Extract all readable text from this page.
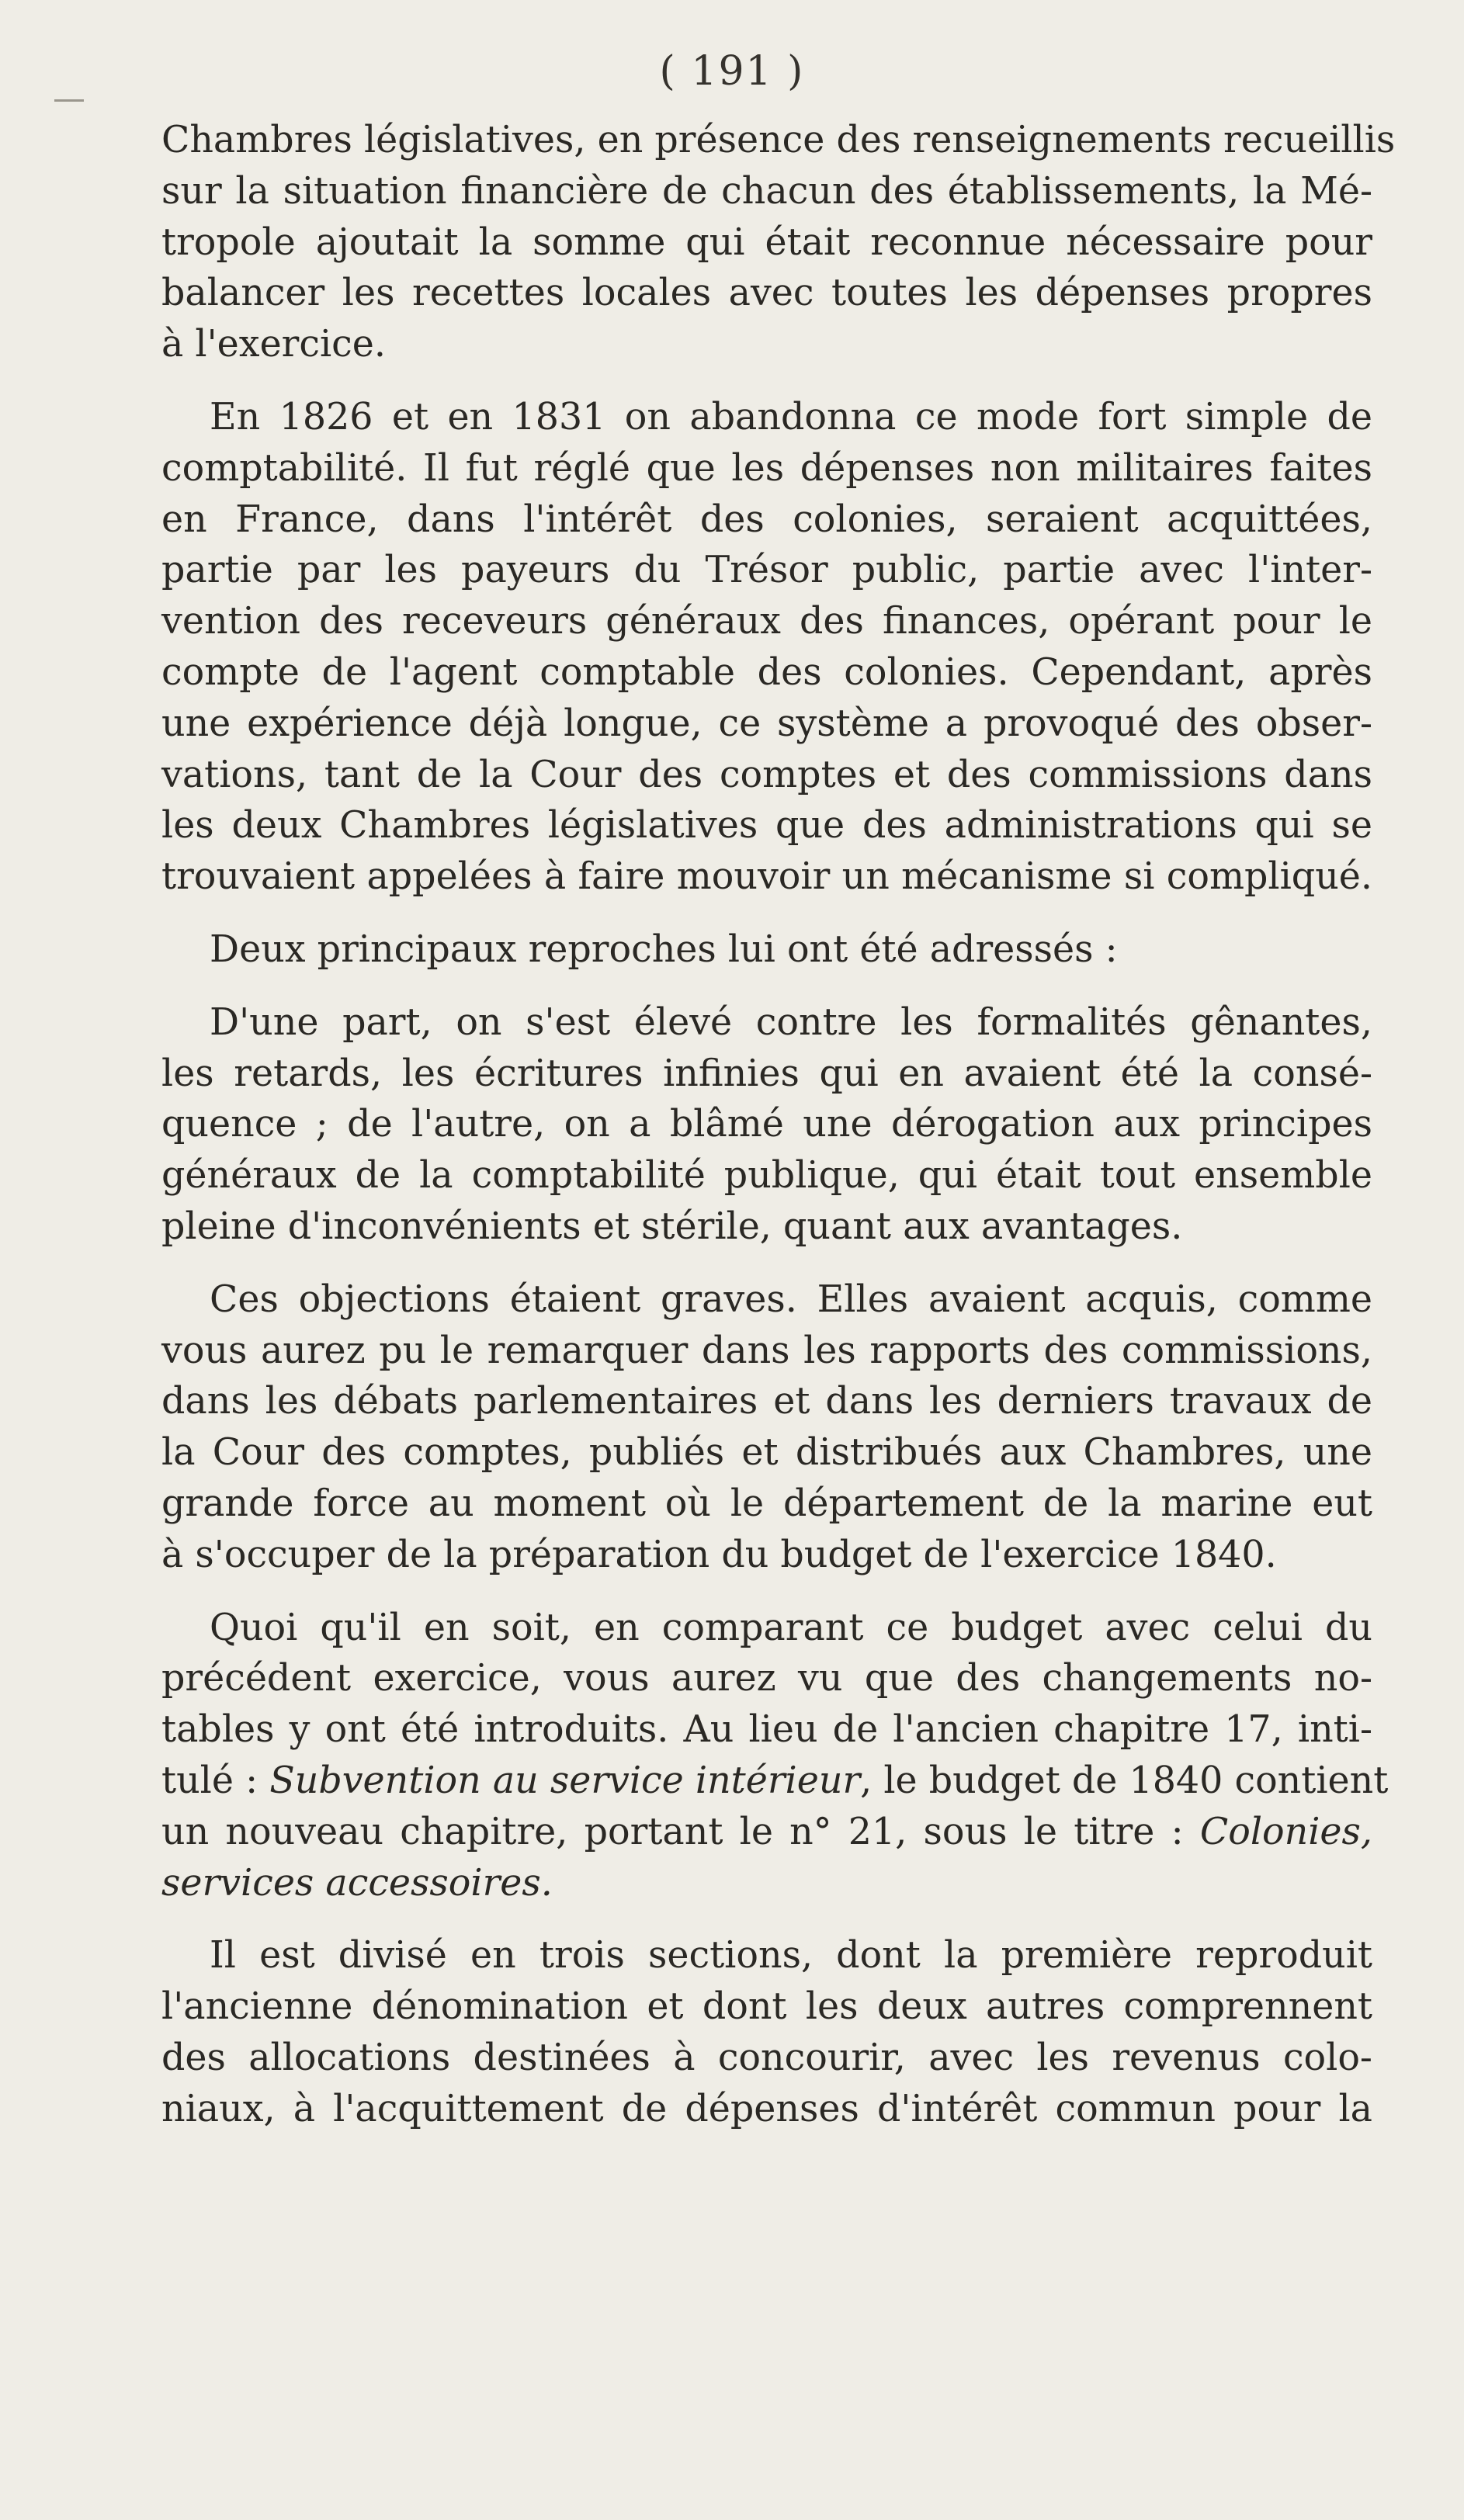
( 191 )

Chambres législatives, en présence des renseignements recueillis
sur la situation financière de chacun des établissements, la Mé-
tropole ajoutait la somme qui était reconnue nécessaire pour
balancer les recettes locales avec toutes les dépenses propres
à l'exercice.

En 1826 et en 1831 on abandonna ce mode fort simple de
comptabilité. Il fut réglé que les dépenses non militaires faites
en France, dans l'intérêt des colonies, seraient acquittées,
partie par les payeurs du Trésor public, partie avec l'inter-
vention des receveurs généraux des finances, opérant pour le
compte de l'agent comptable des colonies. Cependant, après
une expérience déjà longue, ce système a provoqué des obser-
vations, tant de la Cour des comptes et des commissions dans
les deux Chambres législatives que des administrations qui se
trouvaient appelées à faire mouvoir un mécanisme si compliqué.

Deux principaux reproches lui ont été adressés :

D'une part, on s'est élevé contre les formalités gênantes,
les retards, les écritures infinies qui en avaient été la consé-
quence ; de l'autre, on a blâmé une dérogation aux principes
généraux de la comptabilité publique, qui était tout ensemble
pleine d'inconvénients et stérile, quant aux avantages.

Ces objections étaient graves. Elles avaient acquis, comme
vous aurez pu le remarquer dans les rapports des commissions,
dans les débats parlementaires et dans les derniers travaux de
la Cour des comptes, publiés et distribués aux Chambres, une
grande force au moment où le département de la marine eut
à s'occuper de la préparation du budget de l'exercice 1840.

Quoi qu'il en soit, en comparant ce budget avec celui du
précédent exercice, vous aurez vu que des changements no-
tables y ont été introduits. Au lieu de l'ancien chapitre 17, inti-
tulé : Subvention au service intérieur, le budget de 1840 contient
un nouveau chapitre, portant le n° 21, sous le titre : Colonies,
services accessoires.

Il est divisé en trois sections, dont la première reproduit
l'ancienne dénomination et dont les deux autres comprennent
des allocations destinées à concourir, avec les revenus colo-
niaux, à l'acquittement de dépenses d'intérêt commun pour la
